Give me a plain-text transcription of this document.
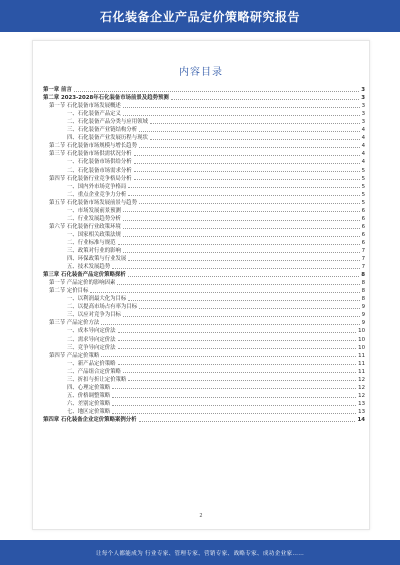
石化装备企业产品定价策略研究报告
内容目录
第一章 前言	3
第二章 2023-2028年石化装备市场前景及趋势预测	3
第一节 石化装备市场发展概述	3
一、石化装备产品定义	3
二、石化装备产品分类与应用领域	3
三、石化装备产业链结构分析	4
四、石化装备产业发展历程与现状	4
第二节 石化装备市场规模与增长趋势	4
第三节 石化装备市场供需状况分析	4
一、石化装备市场供给分析	4
二、石化装备市场需求分析	5
第四节 石化装备行业竞争格局分析	5
一、国内外市场竞争格局	5
二、重点企业竞争力分析	5
第五节 石化装备市场发展前景与趋势	5
一、市场发展前景预测	6
二、行业发展趋势分析	6
第六节 石化装备行业政策环境	6
一、国家相关政策法规	6
二、行业标准与规范	6
三、政策对行业的影响	7
四、环保政策与行业发展	7
五、技术发展趋势	7
第三章 石化装备产品定价策略探析	8
第一节 产品定价的影响因素	8
第二节 定价目标	8
一、以利润最大化为目标	8
二、以提高市场占有率为目标	9
三、以应对竞争为目标	9
第三节 产品定价方法	9
一、成本导向定价法	10
二、需求导向定价法	10
三、竞争导向定价法	10
第四节 产品定价策略	11
一、新产品定价策略	11
二、产品组合定价策略	11
三、折扣与折让定价策略	12
四、心理定价策略	12
五、价格调整策略	12
六、差别定价策略	13
七、地区定价策略	13
第四章 石化装备企业定价策略案例分析	14
2
让每个人都能成为 行业专家、管理专家、营销专家、战略专家、成功企业家……
